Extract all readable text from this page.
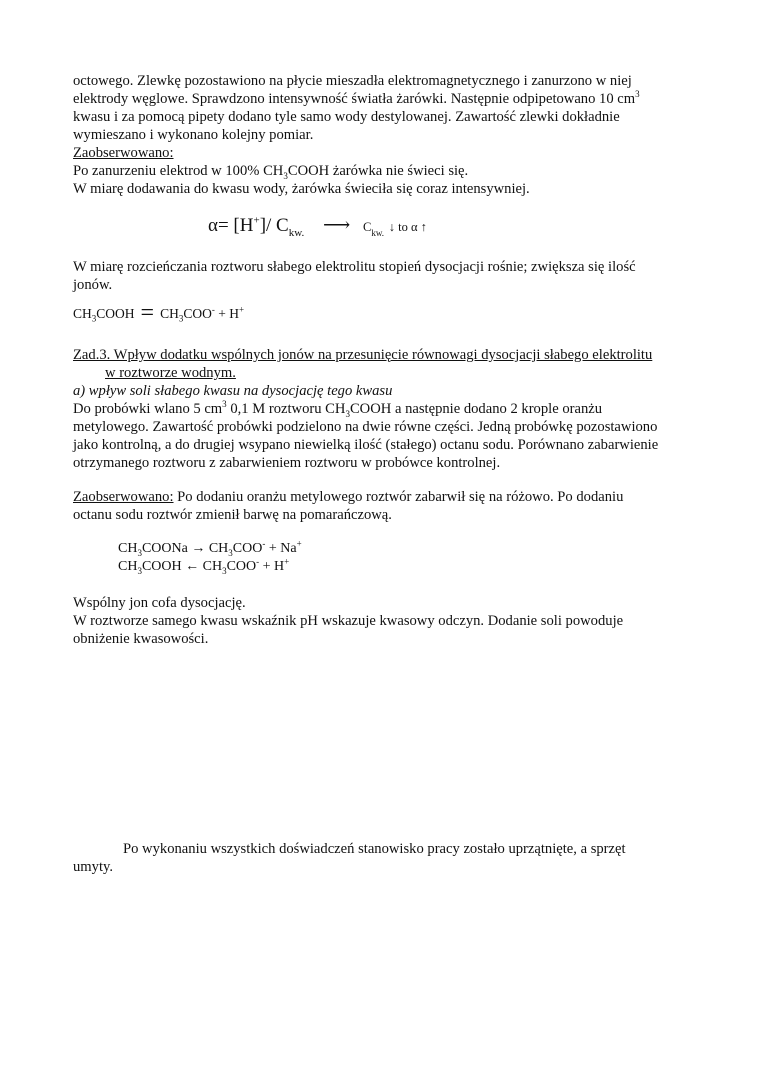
octowego. Zlewkę pozostawiono na płycie mieszadła elektromagnetycznego i zanurzono w niej
elektrody węglowe. Sprawdzono intensywność światła żarówki. Następnie odpipetowano 10 $cm^3$
kwasu i za pomocą pipety dodano tyle samo wody destylowanej. Zawartość zlewki dokładnie
wymieszano i wykonano kolejny pomiar.
Zaobserwowano:
Po zanurzeniu elektrod w 100% $CH_3COOH$ żarówka nie świeci się.
W miarę dodawania do kwasu wody, żarówka świeciła się coraz intensywniej.
α= [H+]/ $C_{kw.}$ ⟶ $C_{kw.}$ ↓ to α ↑
W miarę rozcieńczania roztworu słabego elektrolitu stopień dysocjacji rośnie; zwiększa się ilość
jonów.
$CH_3COOH = CH_3COO^- + H^+$
Zad.3. Wpływ dodatku wspólnych jonów na przesunięcie równowagi dysocjacji słabego elektrolitu
w roztworze wodnym.
a) wpływ soli słabego kwasu na dysocjację tego kwasu
Do probówki wlano 5 $cm^3$ 0,1 M roztworu $CH_3COOH$ a następnie dodano 2 krople oranżu
metylowego. Zawartość probówki podzielono na dwie równe części. Jedną probówkę pozostawiono
jako kontrolną, a do drugiej wsypano niewielką ilość (stałego) octanu sodu. Porównano zabarwienie
otrzymanego roztworu z zabarwieniem roztworu w probówce kontrolnej.
Zaobserwowano: Po dodaniu oranżu metylowego roztwór zabarwił się na różowo. Po dodaniu
octanu sodu roztwór zmienił barwę na pomarańczową.
$CH_3COONa \to CH_3COO^- + Na^+$
$CH_3COOH$ ← $CH_3COO^- + H^+$
Wspólny jon cofa dysocjację.
W roztworze samego kwasu wskaźnik pH wskazuje kwasowy odczyn. Dodanie soli powoduje
obniżenie kwasowości.
Po wykonaniu wszystkich doświadczeń stanowisko pracy zostało uprzątnięte, a sprzęt
umyty.
